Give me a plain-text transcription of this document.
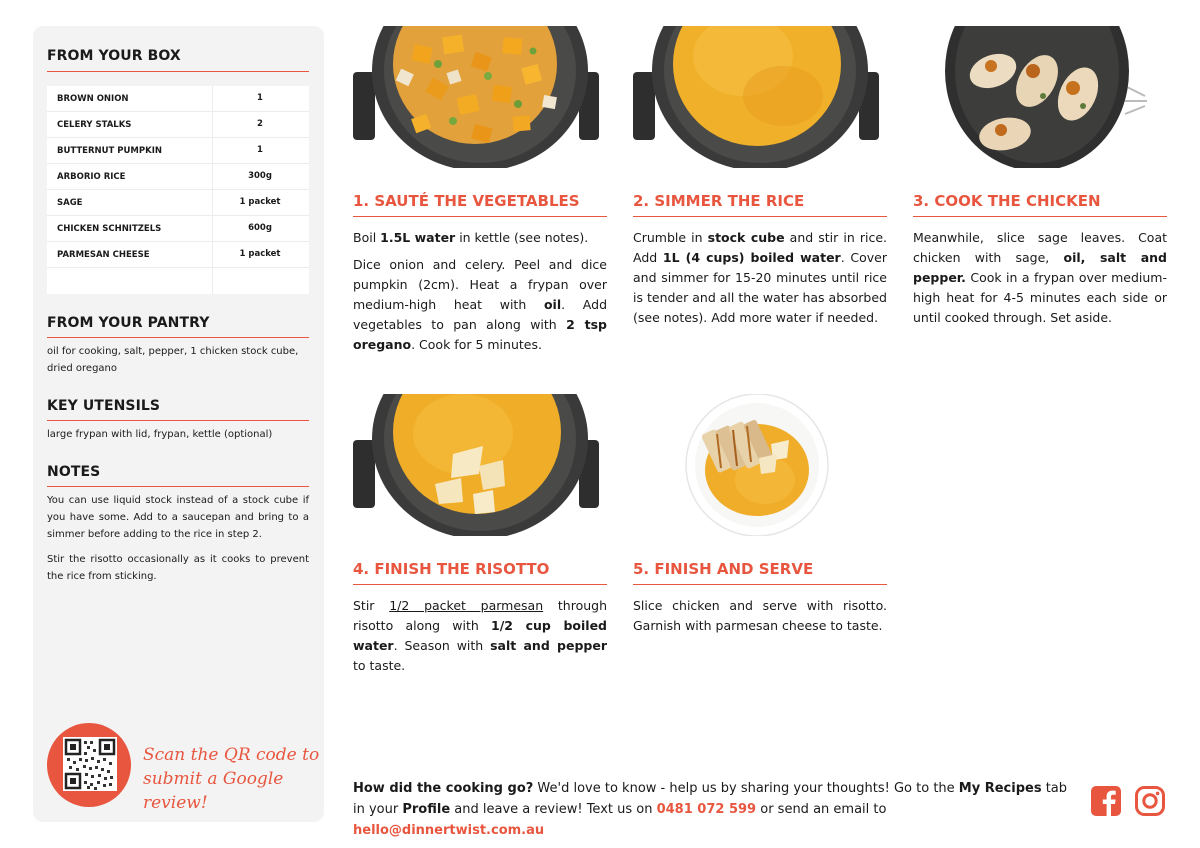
FROM YOUR BOX
BROWN ONION	1
CELERY STALKS	2
BUTTERNUT PUMPKIN	1
ARBORIO RICE	300g
SAGE	1 packet
CHICKEN SCHNITZELS	600g
PARMESAN CHEESE	1 packet
FROM YOUR PANTRY
oil for cooking, salt, pepper, 1 chicken stock cube, dried oregano
KEY UTENSILS
large frypan with lid, frypan, kettle (optional)
NOTES
You can use liquid stock instead of a stock cube if you have some. Add to a saucepan and bring to a simmer before adding to the rice in step 2.
Stir the risotto occasionally as it cooks to prevent the rice from sticking.
Scan the QR code to
submit a Google review!
1. SAUTÉ THE VEGETABLES	2. SIMMER THE RICE	3. COOK THE CHICKEN
4. FINISH THE RISOTTO	5. FINISH AND SERVE

Boil 1.5L water in kettle (see notes).

Dice onion and celery. Peel and dice pumpkin (2cm). Heat a frypan over medium-high heat with oil. Add vegetables to pan along with 2 tsp oregano. Cook for 5 minutes.

Crumble in stock cube and stir in rice. Add 1L (4 cups) boiled water. Cover and simmer for 15-20 minutes until rice is tender and all the water has absorbed (see notes). Add more water if needed.

Meanwhile, slice sage leaves. Coat chicken with sage, oil, salt and pepper. Cook in a frypan over medium-high heat for 4-5 minutes each side or until cooked through. Set aside.

Stir 1/2 packet parmesan through risotto along with 1/2 cup boiled water. Season with salt and pepper to taste.

Slice chicken and serve with risotto. Garnish with parmesan cheese to taste.

How did the cooking go? We'd love to know - help us by sharing your thoughts! Go to the My Recipes tab in your Profile and leave a review! Text us on 0481 072 599 or send an email to hello@dinnertwist.com.au
